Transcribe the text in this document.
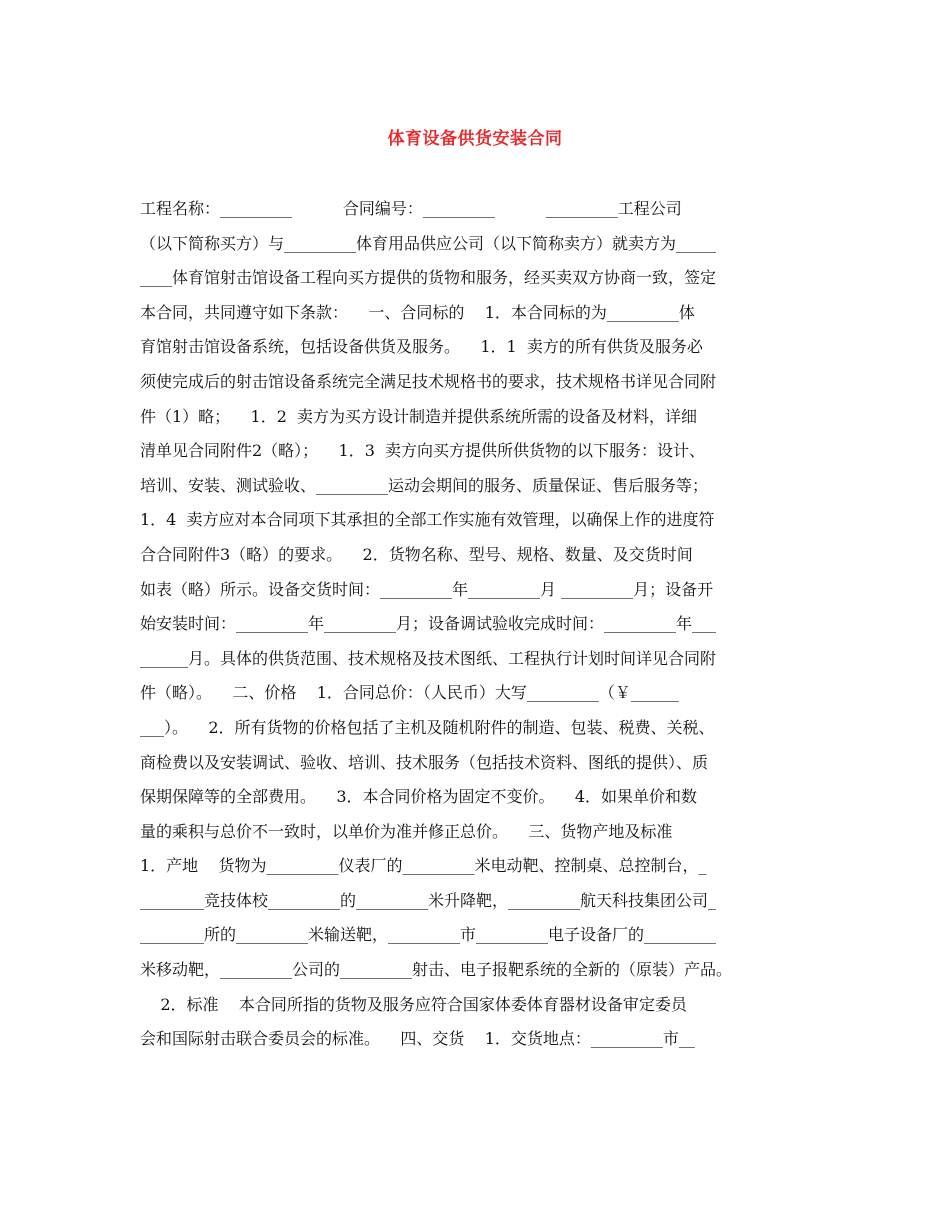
体育设备供货安装合同
工程名称：_________          合同编号：_________          _________工程公司
（以下简称买方）与_________体育用品供应公司（以下简称卖方）就卖方为_____
____体育馆射击馆设备工程向买方提供的货物和服务，经买卖双方协商一致，签定
本合同，共同遵守如下条款：    一、合同标的    1．本合同标的为_________体
育馆射击馆设备系统，包括设备供货及服务。    1．1  卖方的所有供货及服务必
须使完成后的射击馆设备系统完全满足技术规格书的要求，技术规格书详见合同附
件（1）略；    1．2  卖方为买方设计制造并提供系统所需的设备及材料，详细
清单见合同附件2（略）；    1．3  卖方向买方提供所供货物的以下服务：设计、
培训、安装、测试验收、_________运动会期间的服务、质量保证、售后服务等；
1．4  卖方应对本合同项下其承担的全部工作实施有效管理，以确保上作的进度符
合合同附件3（略）的要求。    2．货物名称、型号、规格、数量、及交货时间
如表（略）所示。设备交货时间：_________年_________月 _________月；设备开
始安装时间：_________年_________月；设备调试验收完成时间：_________年___
______月。具体的供货范围、技术规格及技术图纸、工程执行计划时间详见合同附
件（略）。    二、价格    1．合同总价：（人民币）大写_________（￥______
___）。    2．所有货物的价格包括了主机及随机附件的制造、包装、税费、关税、
商检费以及安装调试、验收、培训、技术服务（包括技术资料、图纸的提供）、质
保期保障等的全部费用。    3．本合同价格为固定不变价。    4．如果单价和数
量的乘积与总价不一致时，以单价为准并修正总价。    三、货物产地及标准
1．产地    货物为_________仪表厂的_________米电动靶、控制桌、总控制台，_
________竞技体校_________的_________米升降靶，_________航天科技集团公司_
________所的_________米输送靶，_________市_________电子设备厂的_________
米移动靶，_________公司的_________射击、电子报靶系统的全新的（原装）产品。
2．标准    本合同所指的货物及服务应符合国家体委体育器材设备审定委员
会和国际射击联合委员会的标准。    四、交货    1．交货地点：_________市__
